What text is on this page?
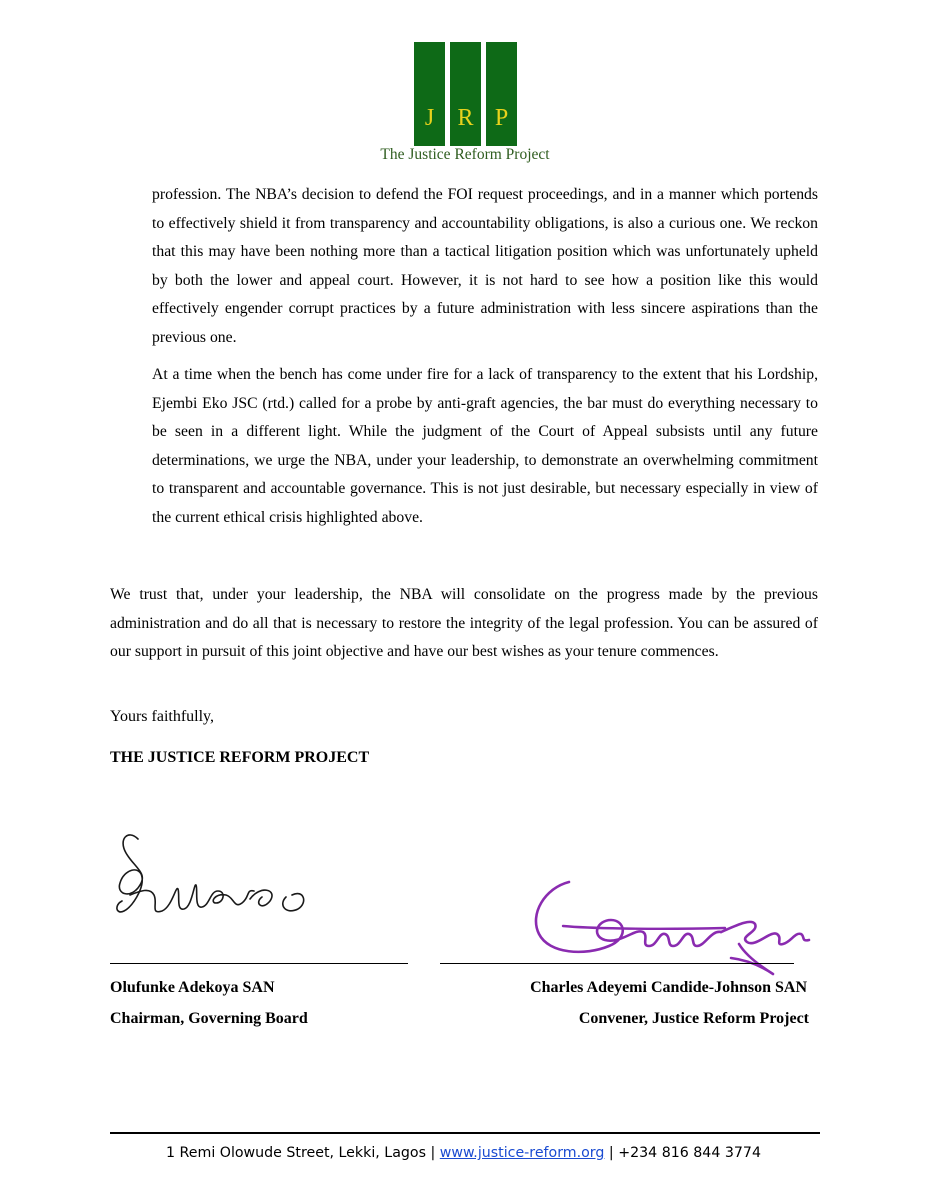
J R P
The Justice Reform Project

profession. The NBA’s decision to defend the FOI request proceedings, and in a manner which portends to effectively shield it from transparency and accountability obligations, is also a curious one. We reckon that this may have been nothing more than a tactical litigation position which was unfortunately upheld by both the lower and appeal court. However, it is not hard to see how a position like this would effectively engender corrupt practices by a future administration with less sincere aspirations than the previous one.

At a time when the bench has come under fire for a lack of transparency to the extent that his Lordship, Ejembi Eko JSC (rtd.) called for a probe by anti-graft agencies, the bar must do everything necessary to be seen in a different light. While the judgment of the Court of Appeal subsists until any future determinations, we urge the NBA, under your leadership, to demonstrate an overwhelming commitment to transparent and accountable governance. This is not just desirable, but necessary especially in view of the current ethical crisis highlighted above.

We trust that, under your leadership, the NBA will consolidate on the progress made by the previous administration and do all that is necessary to restore the integrity of the legal profession. You can be assured of our support in pursuit of this joint objective and have our best wishes as your tenure commences.

Yours faithfully,
THE JUSTICE REFORM PROJECT
Olufunke Adekoya SAN
Chairman, Governing Board
Charles Adeyemi Candide-Johnson SAN
Convener, Justice Reform Project
1 Remi Olowude Street, Lekki, Lagos | www.justice-reform.org | +234 816 844 3774
